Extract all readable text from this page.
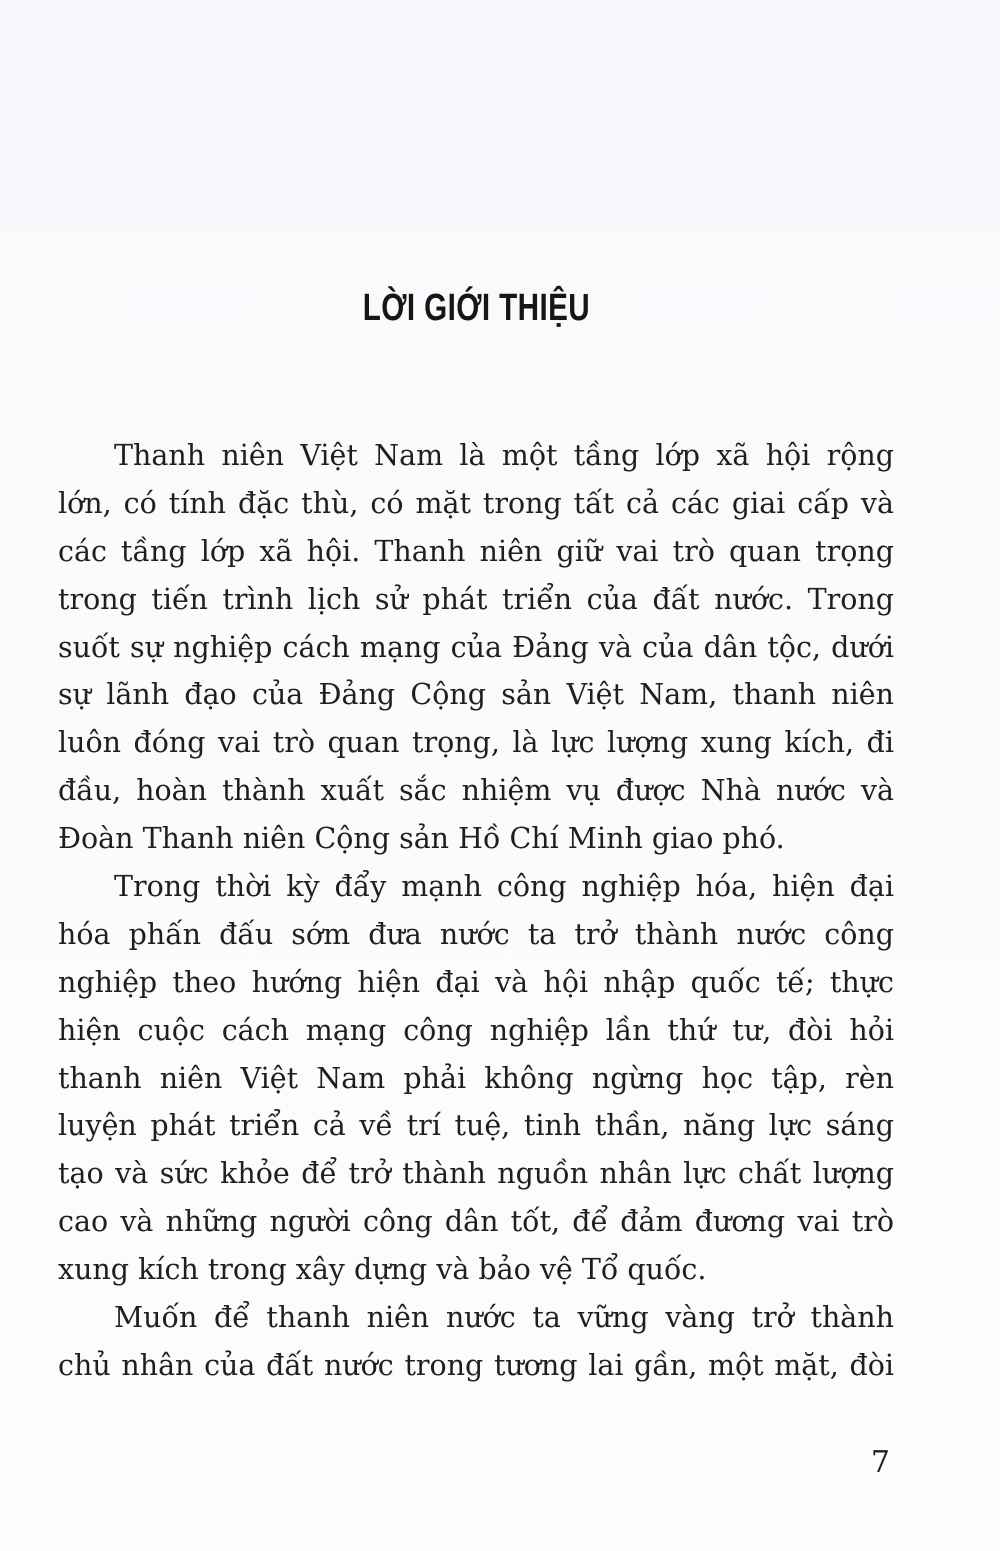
LỜI GIỚI THIỆU
Thanh niên Việt Nam là một tầng lớp xã hội rộng
lớn, có tính đặc thù, có mặt trong tất cả các giai cấp và
các tầng lớp xã hội. Thanh niên giữ vai trò quan trọng
trong tiến trình lịch sử phát triển của đất nước. Trong
suốt sự nghiệp cách mạng của Đảng và của dân tộc, dưới
sự lãnh đạo của Đảng Cộng sản Việt Nam, thanh niên
luôn đóng vai trò quan trọng, là lực lượng xung kích, đi
đầu, hoàn thành xuất sắc nhiệm vụ được Nhà nước và
Đoàn Thanh niên Cộng sản Hồ Chí Minh giao phó.
Trong thời kỳ đẩy mạnh công nghiệp hóa, hiện đại
hóa phấn đấu sớm đưa nước ta trở thành nước công
nghiệp theo hướng hiện đại và hội nhập quốc tế; thực
hiện cuộc cách mạng công nghiệp lần thứ tư, đòi hỏi
thanh niên Việt Nam phải không ngừng học tập, rèn
luyện phát triển cả về trí tuệ, tinh thần, năng lực sáng
tạo và sức khỏe để trở thành nguồn nhân lực chất lượng
cao và những người công dân tốt, để đảm đương vai trò
xung kích trong xây dựng và bảo vệ Tổ quốc.
Muốn để thanh niên nước ta vững vàng trở thành
chủ nhân của đất nước trong tương lai gần, một mặt, đòi
7
